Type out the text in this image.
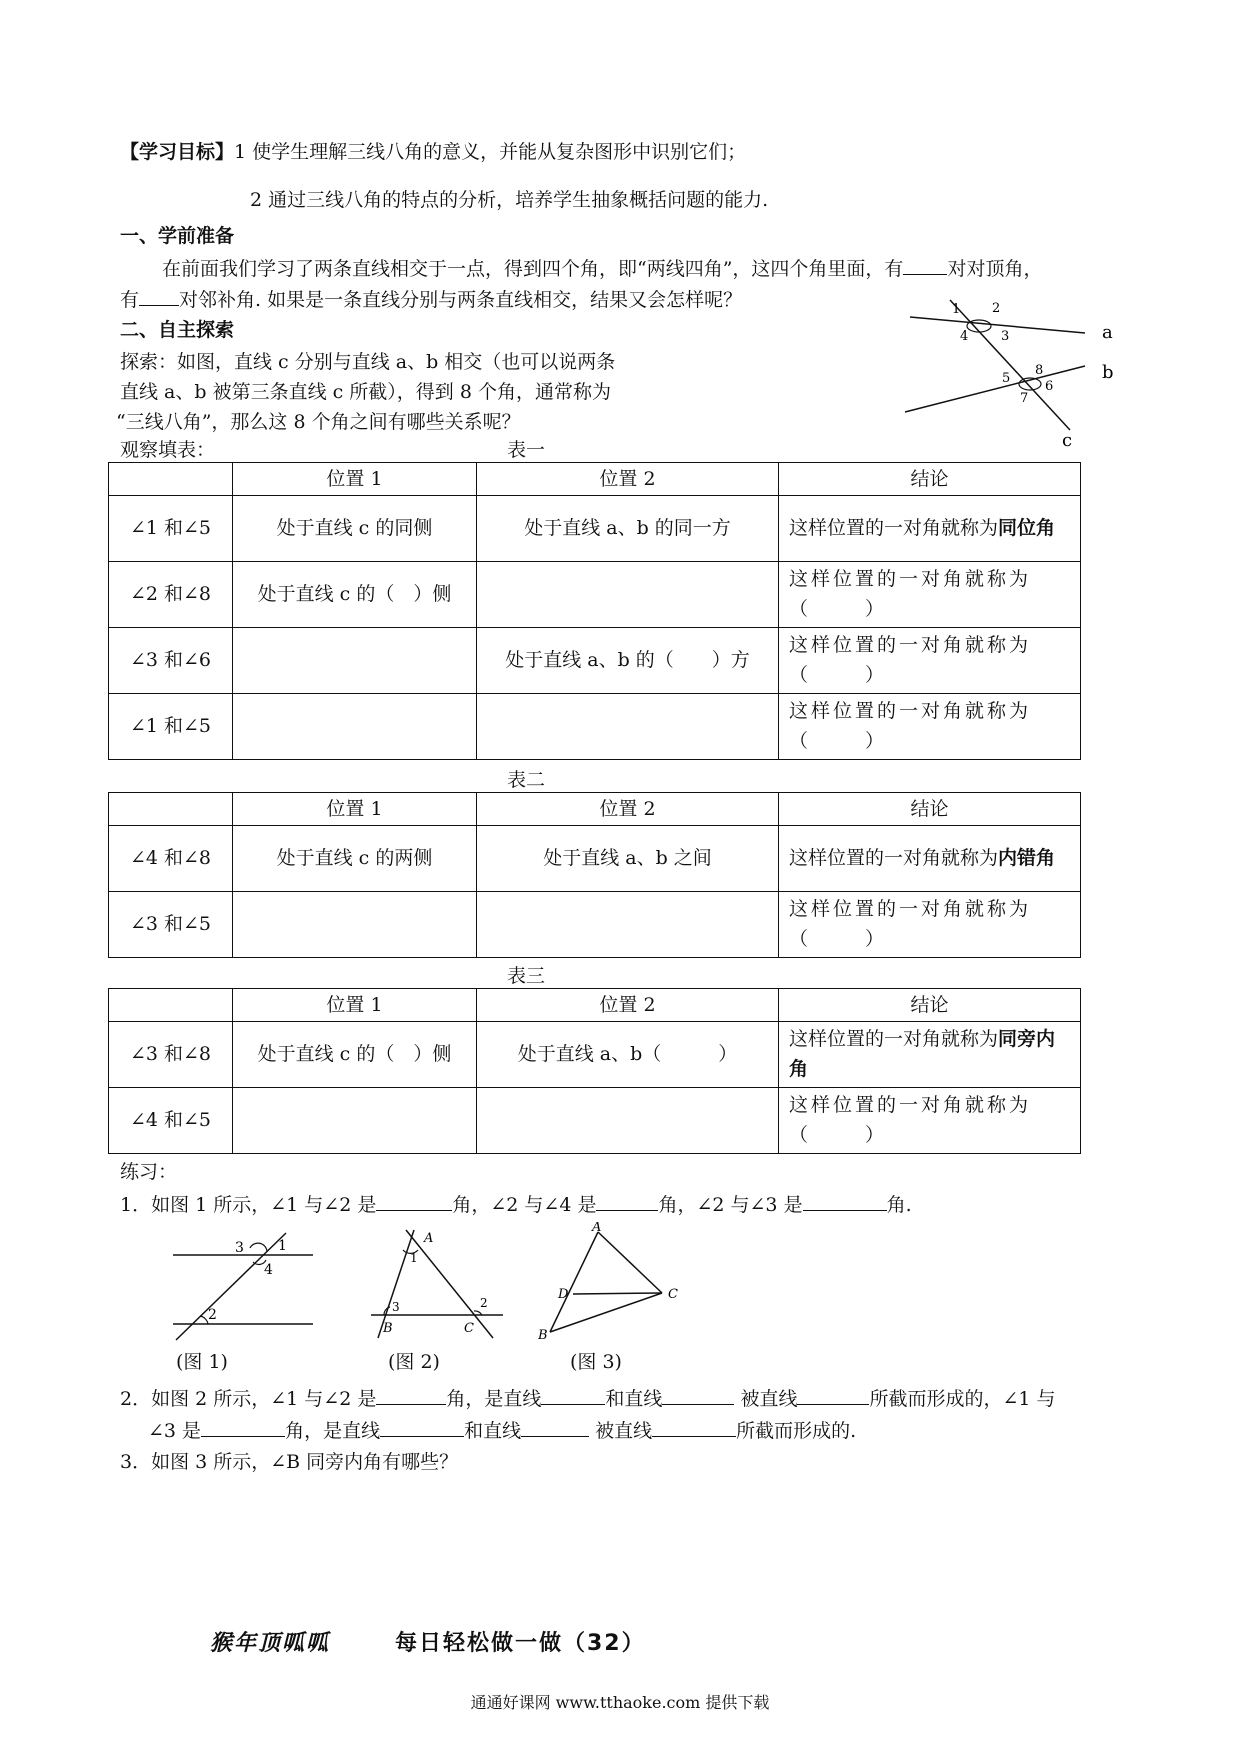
【学习目标】1 使学生理解三线八角的意义，并能从复杂图形中识别它们；
2 通过三线八角的特点的分析，培养学生抽象概括问题的能力.
一、学前准备
在前面我们学习了两条直线相交于一点，得到四个角，即“两线四角”，这四个角里面，有 对对顶角，
有 对邻补角. 如果是一条直线分别与两条直线相交，结果又会怎样呢？
二、自主探索
探索：如图，直线 c 分别与直线 a、b 相交（也可以说两条
直线 a、b 被第三条直线 c 所截），得到 8 个角，通常称为
“三线八角”，那么这 8 个角之间有哪些关系呢？
观察填表：
1 2
3
4
5
6
7
8
a
b
c
表一
	位置 1	位置 2	结论
∠1 和∠5	处于直线 c 的同侧	处于直线 a、b 的同一方	这样位置的一对角就称为同位角
∠2 和∠8	处于直线 c 的（　）侧		这样位置的一对角就称为
（　　　）
∠3 和∠6		处于直线 a、b 的（　　）方	这样位置的一对角就称为
（　　　）
∠1 和∠5			这样位置的一对角就称为
（　　　）
表二
	位置 1	位置 2	结论
∠4 和∠8	处于直线 c 的两侧	处于直线 a、b 之间	这样位置的一对角就称为内错角
∠3 和∠5			这样位置的一对角就称为
（　　　）
表三
	位置 1	位置 2	结论
∠3 和∠8	处于直线 c 的（　）侧	处于直线 a、b（　　　）	这样位置的一对角就称为同旁内角
∠4 和∠5			这样位置的一对角就称为
（　　　）
练习：
1．如图 1 所示，∠1 与∠2 是	角，∠2 与∠4 是	角，∠2 与∠3 是	角.
1
3
4
2
(图 1)
A
1
3	2
B	C
(图 2)
A
D	C
B
(图 3)
2．如图 2 所示，∠1 与∠2 是	角，是直线	和直线	被直线	所截而形成的，∠1 与
∠3 是	角，是直线	和直线	被直线	所截而形成的.
3．如图 3 所示，∠B 同旁内角有哪些？
猴年顶呱呱	每日轻松做一做（32）
通通好课网 www.tthaoke.com 提供下载
